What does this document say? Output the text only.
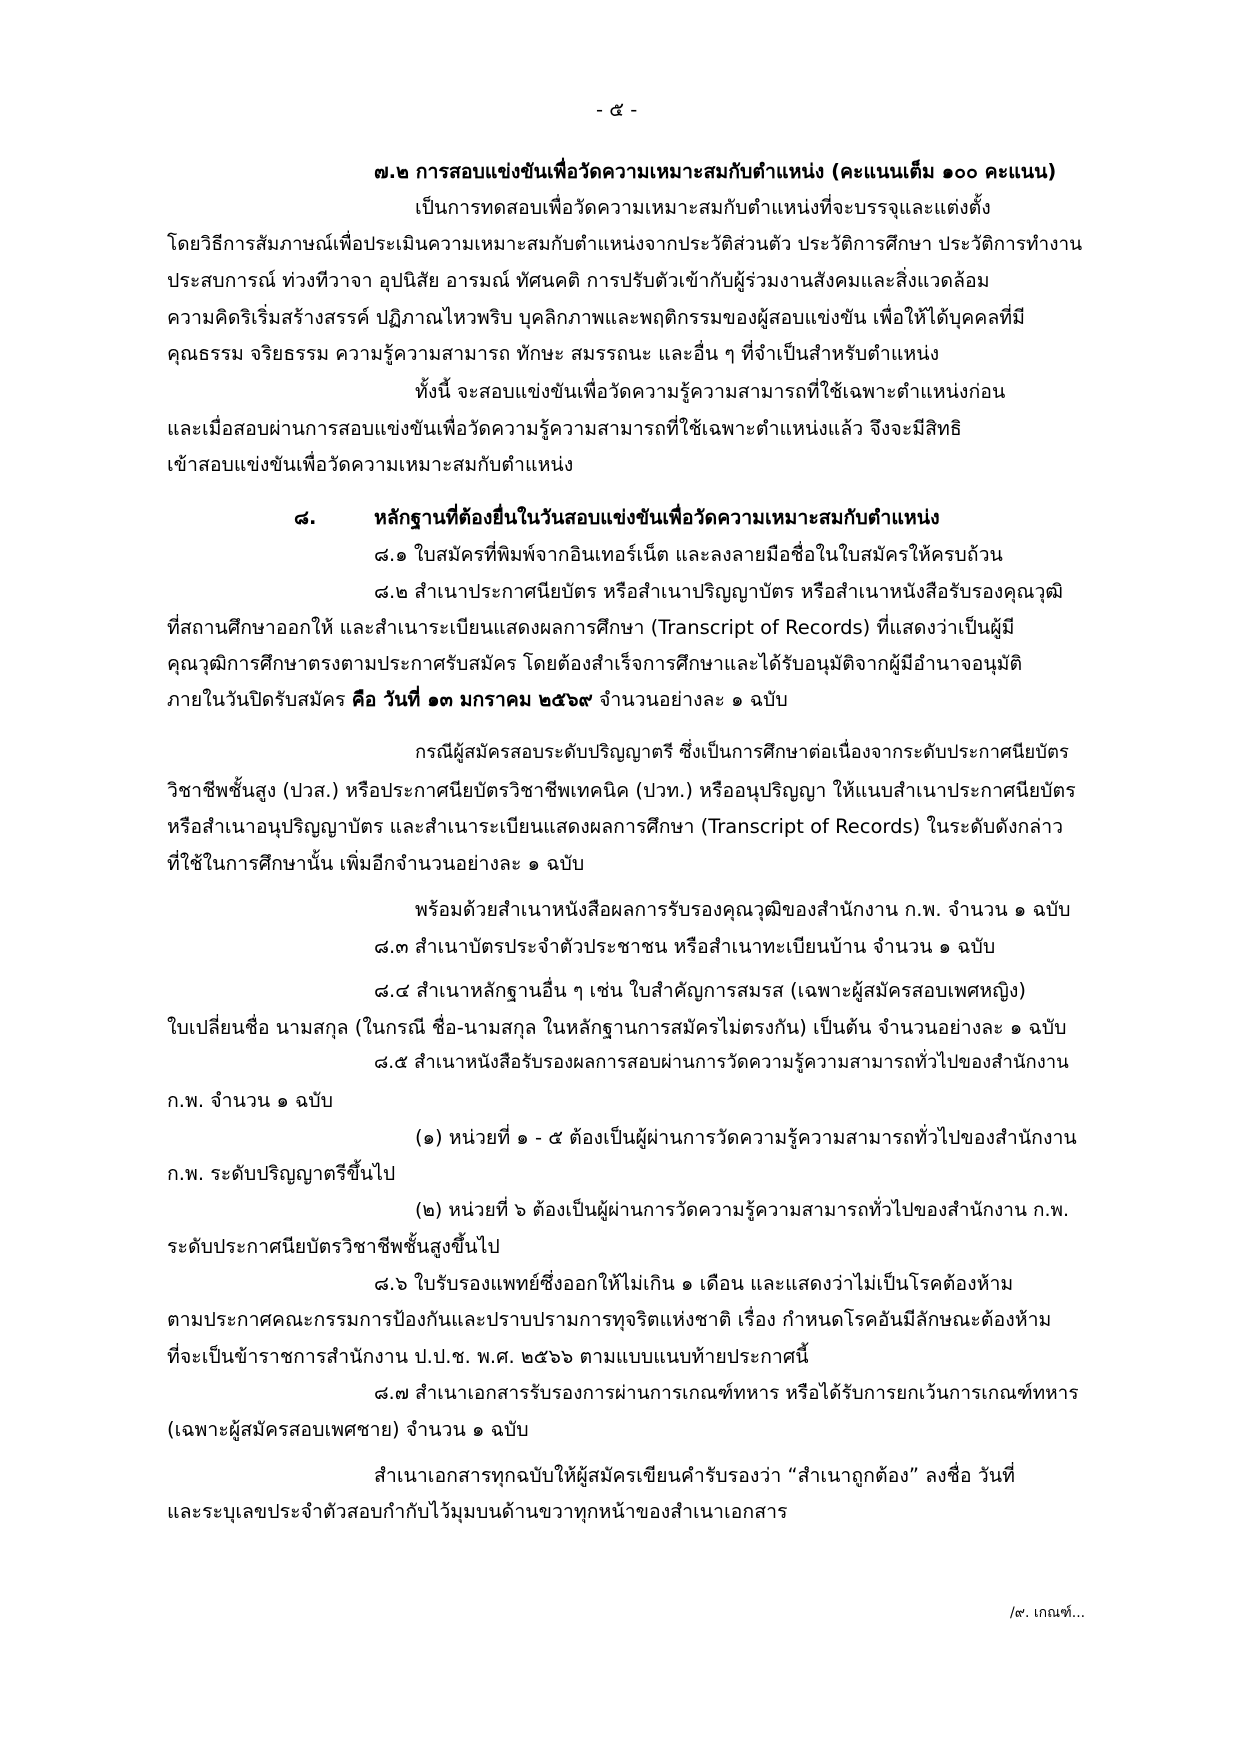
- ๕ -
๗.๒ การสอบแข่งขันเพื่อวัดความเหมาะสมกับตำแหน่ง (คะแนนเต็ม ๑๐๐ คะแนน)
เป็นการทดสอบเพื่อวัดความเหมาะสมกับตำแหน่งที่จะบรรจุและแต่งตั้ง
โดยวิธีการสัมภาษณ์เพื่อประเมินความเหมาะสมกับตำแหน่งจากประวัติส่วนตัว ประวัติการศึกษา ประวัติการทำงาน
ประสบการณ์ ท่วงทีวาจา อุปนิสัย อารมณ์ ทัศนคติ การปรับตัวเข้ากับผู้ร่วมงานสังคมและสิ่งแวดล้อม
ความคิดริเริ่มสร้างสรรค์ ปฏิภาณไหวพริบ บุคลิกภาพและพฤติกรรมของผู้สอบแข่งขัน เพื่อให้ได้บุคคลที่มี
คุณธรรม จริยธรรม ความรู้ความสามารถ ทักษะ สมรรถนะ และอื่น ๆ ที่จำเป็นสำหรับตำแหน่ง
ทั้งนี้ จะสอบแข่งขันเพื่อวัดความรู้ความสามารถที่ใช้เฉพาะตำแหน่งก่อน
และเมื่อสอบผ่านการสอบแข่งขันเพื่อวัดความรู้ความสามารถที่ใช้เฉพาะตำแหน่งแล้ว จึงจะมีสิทธิ
เข้าสอบแข่งขันเพื่อวัดความเหมาะสมกับตำแหน่ง
๘.	หลักฐานที่ต้องยื่นในวันสอบแข่งขันเพื่อวัดความเหมาะสมกับตำแหน่ง
๘.๑ ใบสมัครที่พิมพ์จากอินเทอร์เน็ต และลงลายมือชื่อในใบสมัครให้ครบถ้วน
๘.๒ สำเนาประกาศนียบัตร หรือสำเนาปริญญาบัตร หรือสำเนาหนังสือรับรองคุณวุฒิ
ที่สถานศึกษาออกให้ และสำเนาระเบียนแสดงผลการศึกษา (Transcript of Records) ที่แสดงว่าเป็นผู้มี
คุณวุฒิการศึกษาตรงตามประกาศรับสมัคร โดยต้องสำเร็จการศึกษาและได้รับอนุมัติจากผู้มีอำนาจอนุมัติ
ภายในวันปิดรับสมัคร คือ วันที่ ๑๓ มกราคม ๒๕๖๙ จำนวนอย่างละ ๑ ฉบับ
กรณีผู้สมัครสอบระดับปริญญาตรี ซึ่งเป็นการศึกษาต่อเนื่องจากระดับประกาศนียบัตร
วิชาชีพชั้นสูง (ปวส.) หรือประกาศนียบัตรวิชาชีพเทคนิค (ปวท.) หรืออนุปริญญา ให้แนบสำเนาประกาศนียบัตร
หรือสำเนาอนุปริญญาบัตร และสำเนาระเบียนแสดงผลการศึกษา (Transcript of Records) ในระดับดังกล่าว
ที่ใช้ในการศึกษานั้น เพิ่มอีกจำนวนอย่างละ ๑ ฉบับ
พร้อมด้วยสำเนาหนังสือผลการรับรองคุณวุฒิของสำนักงาน ก.พ. จำนวน ๑ ฉบับ
๘.๓ สำเนาบัตรประจำตัวประชาชน หรือสำเนาทะเบียนบ้าน จำนวน ๑ ฉบับ
๘.๔ สำเนาหลักฐานอื่น ๆ เช่น ใบสำคัญการสมรส (เฉพาะผู้สมัครสอบเพศหญิง)
ใบเปลี่ยนชื่อ นามสกุล (ในกรณี ชื่อ-นามสกุล ในหลักฐานการสมัครไม่ตรงกัน) เป็นต้น จำนวนอย่างละ ๑ ฉบับ
๘.๕ สำเนาหนังสือรับรองผลการสอบผ่านการวัดความรู้ความสามารถทั่วไปของสำนักงาน
ก.พ. จำนวน ๑ ฉบับ
(๑) หน่วยที่ ๑ - ๕ ต้องเป็นผู้ผ่านการวัดความรู้ความสามารถทั่วไปของสำนักงาน
ก.พ. ระดับปริญญาตรีขึ้นไป
(๒) หน่วยที่ ๖ ต้องเป็นผู้ผ่านการวัดความรู้ความสามารถทั่วไปของสำนักงาน ก.พ.
ระดับประกาศนียบัตรวิชาชีพชั้นสูงขึ้นไป
๘.๖ ใบรับรองแพทย์ซึ่งออกให้ไม่เกิน ๑ เดือน และแสดงว่าไม่เป็นโรคต้องห้าม
ตามประกาศคณะกรรมการป้องกันและปราบปรามการทุจริตแห่งชาติ เรื่อง กำหนดโรคอันมีลักษณะต้องห้าม
ที่จะเป็นข้าราชการสำนักงาน ป.ป.ช. พ.ศ. ๒๕๖๖ ตามแบบแนบท้ายประกาศนี้
๘.๗ สำเนาเอกสารรับรองการผ่านการเกณฑ์ทหาร หรือได้รับการยกเว้นการเกณฑ์ทหาร
(เฉพาะผู้สมัครสอบเพศชาย) จำนวน ๑ ฉบับ
สำเนาเอกสารทุกฉบับให้ผู้สมัครเขียนคำรับรองว่า “สำเนาถูกต้อง” ลงชื่อ วันที่
และระบุเลขประจำตัวสอบกำกับไว้มุมบนด้านขวาทุกหน้าของสำเนาเอกสาร
/๙. เกณฑ์...
